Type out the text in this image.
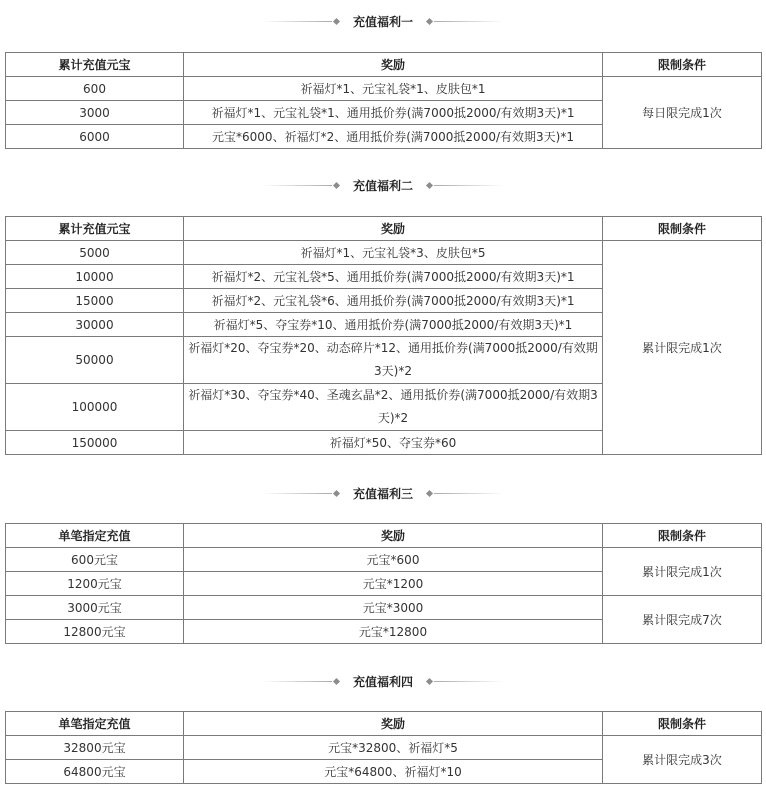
充值福利一
累计充值元宝	奖励	限制条件
600	祈福灯*1、元宝礼袋*1、皮肤包*1	每日限完成1次
3000	祈福灯*1、元宝礼袋*1、通用抵价券(满7000抵2000/有效期3天)*1	
6000	元宝*6000、祈福灯*2、通用抵价券(满7000抵2000/有效期3天)*1	
充值福利二
累计充值元宝	奖励	限制条件
5000	祈福灯*1、元宝礼袋*3、皮肤包*5	累计限完成1次
10000	祈福灯*2、元宝礼袋*5、通用抵价券(满7000抵2000/有效期3天)*1	
15000	祈福灯*2、元宝礼袋*6、通用抵价券(满7000抵2000/有效期3天)*1	
30000	祈福灯*5、夺宝券*10、通用抵价券(满7000抵2000/有效期3天)*1	
50000	祈福灯*20、夺宝券*20、动态碎片*12、通用抵价券(满7000抵2000/有效期3天)*2	
100000	祈福灯*30、夺宝券*40、圣魂玄晶*2、通用抵价券(满7000抵2000/有效期3天)*2	
150000	祈福灯*50、夺宝券*60	
充值福利三
单笔指定充值	奖励	限制条件
600元宝	元宝*600	累计限完成1次
1200元宝	元宝*1200	
3000元宝	元宝*3000	累计限完成7次
12800元宝	元宝*12800	
充值福利四
单笔指定充值	奖励	限制条件
32800元宝	元宝*32800、祈福灯*5	累计限完成3次
64800元宝	元宝*64800、祈福灯*10	
